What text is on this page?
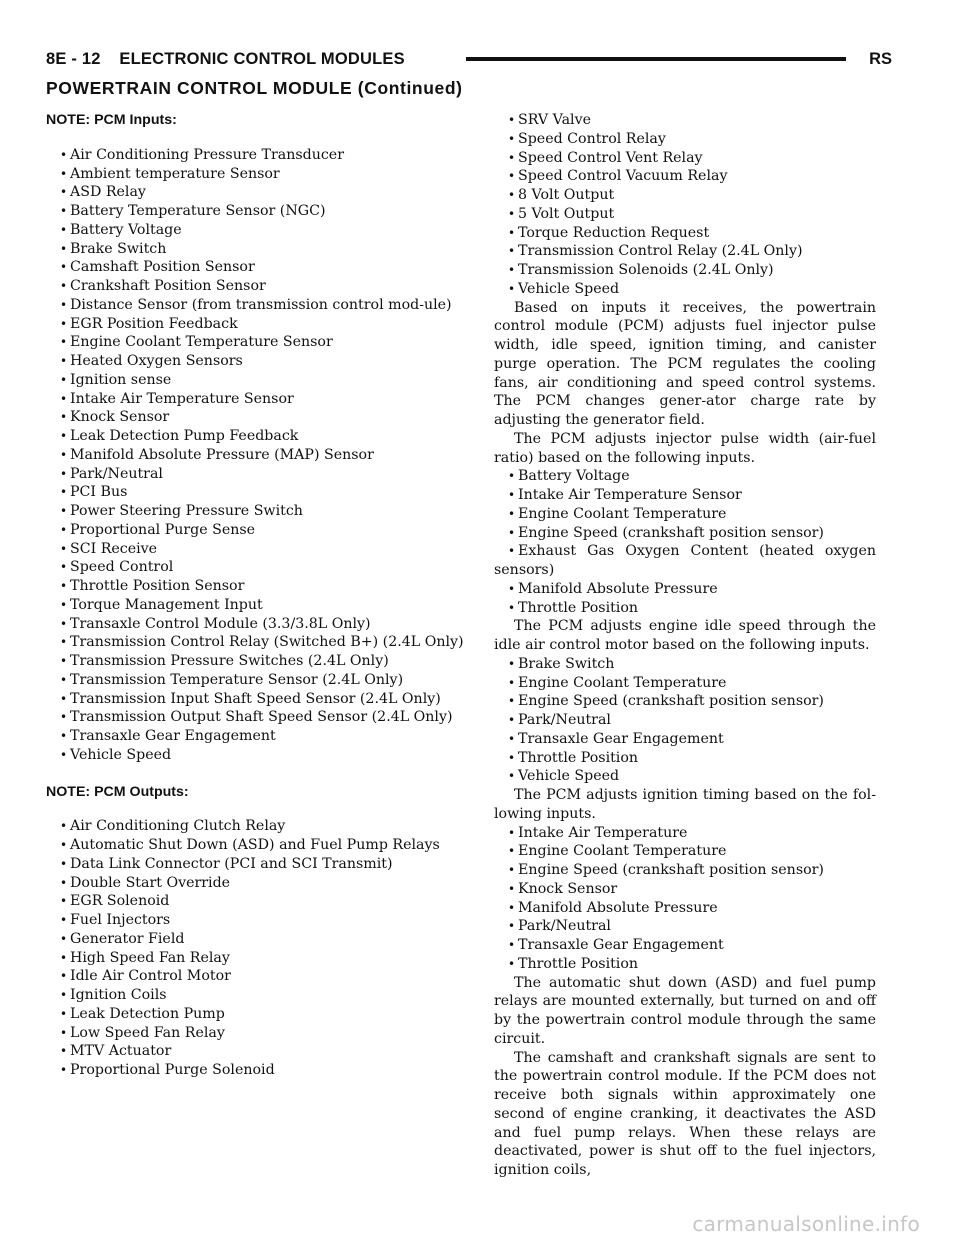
8E - 12 ELECTRONIC CONTROL MODULES	RS
POWERTRAIN CONTROL MODULE (Continued)

NOTE: PCM Inputs:

• Air Conditioning Pressure Transducer
• Ambient temperature Sensor
• ASD Relay
• Battery Temperature Sensor (NGC)
• Battery Voltage
• Brake Switch
• Camshaft Position Sensor
• Crankshaft Position Sensor
• Distance Sensor (from transmission control mod-ule)
• EGR Position Feedback
• Engine Coolant Temperature Sensor
• Heated Oxygen Sensors
• Ignition sense
• Intake Air Temperature Sensor
• Knock Sensor
• Leak Detection Pump Feedback
• Manifold Absolute Pressure (MAP) Sensor
• Park/Neutral
• PCI Bus
• Power Steering Pressure Switch
• Proportional Purge Sense
• SCI Receive
• Speed Control
• Throttle Position Sensor
• Torque Management Input
• Transaxle Control Module (3.3/3.8L Only)
• Transmission Control Relay (Switched B+) (2.4L Only)
• Transmission Pressure Switches (2.4L Only)
• Transmission Temperature Sensor (2.4L Only)
• Transmission Input Shaft Speed Sensor (2.4L Only)
• Transmission Output Shaft Speed Sensor (2.4L Only)
• Transaxle Gear Engagement
• Vehicle Speed

NOTE: PCM Outputs:

• Air Conditioning Clutch Relay
• Automatic Shut Down (ASD) and Fuel Pump Relays
• Data Link Connector (PCI and SCI Transmit)
• Double Start Override
• EGR Solenoid
• Fuel Injectors
• Generator Field
• High Speed Fan Relay
• Idle Air Control Motor
• Ignition Coils
• Leak Detection Pump
• Low Speed Fan Relay
• MTV Actuator
• Proportional Purge Solenoid
• SRV Valve
• Speed Control Relay
• Speed Control Vent Relay
• Speed Control Vacuum Relay
• 8 Volt Output
• 5 Volt Output
• Torque Reduction Request
• Transmission Control Relay (2.4L Only)
• Transmission Solenoids (2.4L Only)
• Vehicle Speed

Based on inputs it receives, the powertrain control module (PCM) adjusts fuel injector pulse width, idle speed, ignition timing, and canister purge operation. The PCM regulates the cooling fans, air conditioning and speed control systems. The PCM changes gener-ator charge rate by adjusting the generator field.

The PCM adjusts injector pulse width (air-fuel ratio) based on the following inputs.

• Battery Voltage
• Intake Air Temperature Sensor
• Engine Coolant Temperature
• Engine Speed (crankshaft position sensor)
• Exhaust Gas Oxygen Content (heated oxygen sensors)
• Manifold Absolute Pressure
• Throttle Position

The PCM adjusts engine idle speed through the idle air control motor based on the following inputs.

• Brake Switch
• Engine Coolant Temperature
• Engine Speed (crankshaft position sensor)
• Park/Neutral
• Transaxle Gear Engagement
• Throttle Position
• Vehicle Speed

The PCM adjusts ignition timing based on the fol-lowing inputs.

• Intake Air Temperature
• Engine Coolant Temperature
• Engine Speed (crankshaft position sensor)
• Knock Sensor
• Manifold Absolute Pressure
• Park/Neutral
• Transaxle Gear Engagement
• Throttle Position

The automatic shut down (ASD) and fuel pump relays are mounted externally, but turned on and off by the powertrain control module through the same circuit.

The camshaft and crankshaft signals are sent to the powertrain control module. If the PCM does not receive both signals within approximately one second of engine cranking, it deactivates the ASD and fuel pump relays. When these relays are deactivated, power is shut off to the fuel injectors, ignition coils,

carmanualsonline.info
